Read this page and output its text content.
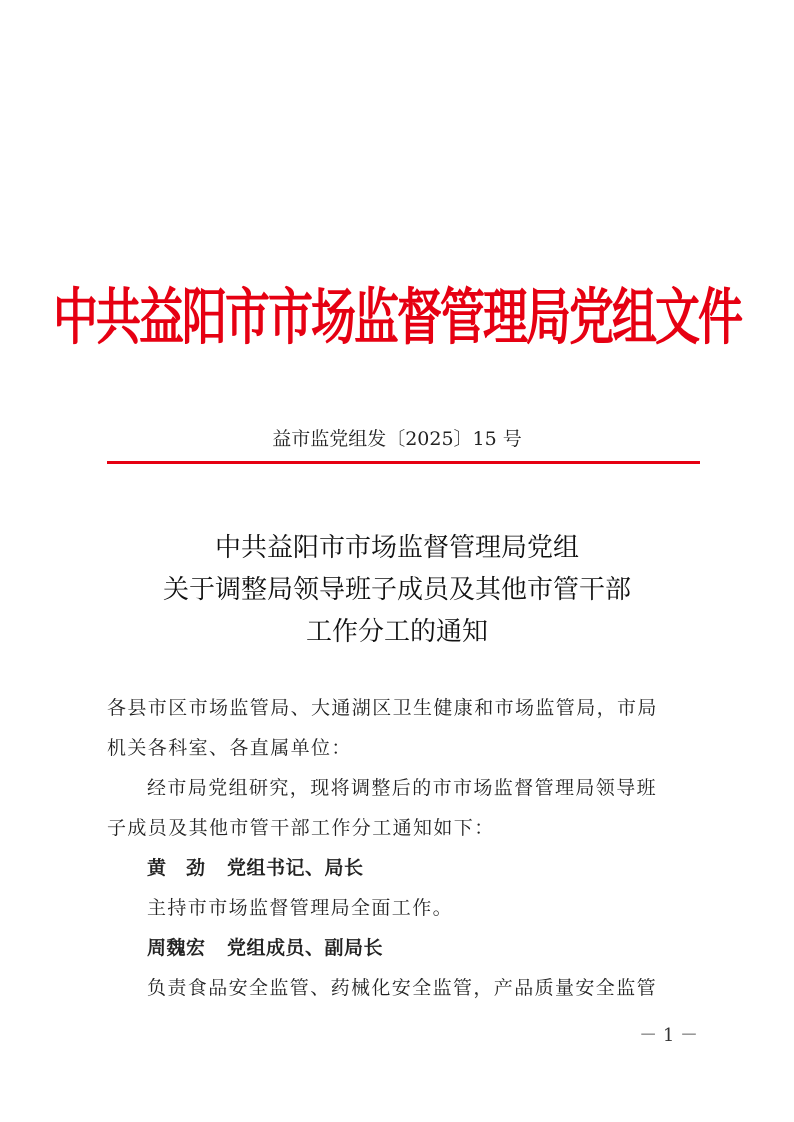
中共益阳市市场监督管理局党组文件
益市监党组发〔2025〕15 号
中共益阳市市场监督管理局党组
关于调整局领导班子成员及其他市管干部
工作分工的通知

各县市区市场监管局、大通湖区卫生健康和市场监管局，市局

机关各科室、各直属单位：

经市局党组研究，现将调整后的市市场监督管理局领导班

子成员及其他市管干部工作分工通知如下：

黄　劲 党组书记、局长

主持市市场监督管理局全面工作。

周魏宏 党组成员、副局长

负责食品安全监管、药械化安全监管，产品质量安全监管

－ 1 －
